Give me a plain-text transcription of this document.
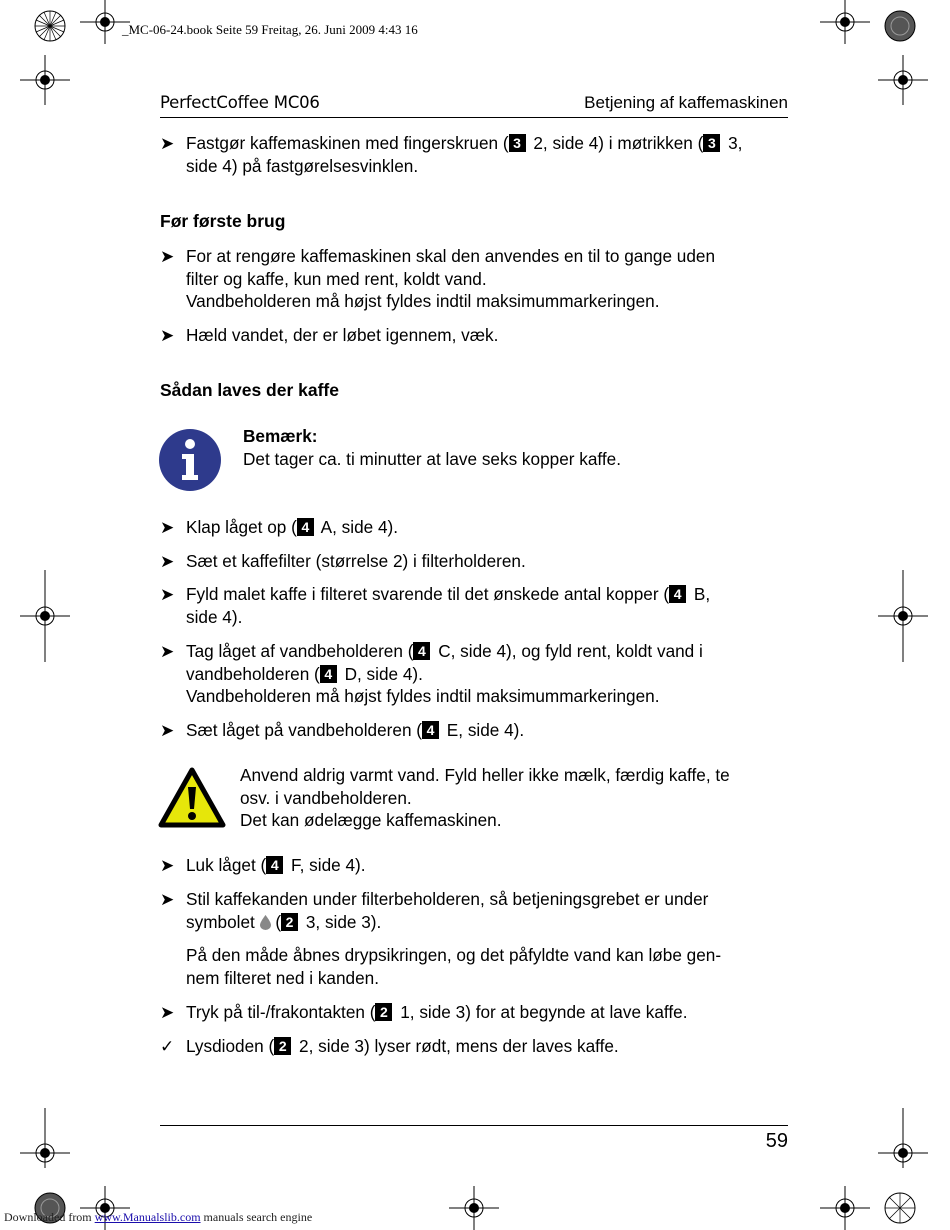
_MC-06-24.book Seite 59 Freitag, 26. Juni 2009 4:43 16
PerfectCoffee MC06	Betjening af kaffemaskinen
➤ Fastgør kaffemaskinen med fingerskruen ( 3 2, side 4) i møtrikken ( 3 3,
side 4) på fastgørelsesvinklen.
Før første brug
➤ For at rengøre kaffemaskinen skal den anvendes en til to gange uden
filter og kaffe, kun med rent, koldt vand.
Vandbeholderen må højst fyldes indtil maksimummarkeringen.
➤ Hæld vandet, der er løbet igennem, væk.
Sådan laves der kaffe
Bemærk:
Det tager ca. ti minutter at lave seks kopper kaffe.
➤ Klap låget op ( 4 A, side 4).
➤ Sæt et kaffefilter (størrelse 2) i filterholderen.
➤ Fyld malet kaffe i filteret svarende til det ønskede antal kopper ( 4 B,
side 4).
➤ Tag låget af vandbeholderen ( 4 C, side 4), og fyld rent, koldt vand i
vandbeholderen ( 4 D, side 4).
Vandbeholderen må højst fyldes indtil maksimummarkeringen.
➤ Sæt låget på vandbeholderen ( 4 E, side 4).
Anvend aldrig varmt vand. Fyld heller ikke mælk, færdig kaffe, te
osv. i vandbeholderen.
Det kan ødelægge kaffemaskinen.
➤ Luk låget ( 4 F, side 4).
➤ Stil kaffekanden under filterbeholderen, så betjeningsgrebet er under
symbolet  ( 2 3, side 3).
På den måde åbnes drypsikringen, og det påfyldte vand kan løbe gen-
nem filteret ned i kanden.
➤ Tryk på til-/frakontakten ( 2 1, side 3) for at begynde at lave kaffe.
✓ Lysdioden ( 2 2, side 3) lyser rødt, mens der laves kaffe.
59
Downloaded from www.Manualslib.com manuals search engine
